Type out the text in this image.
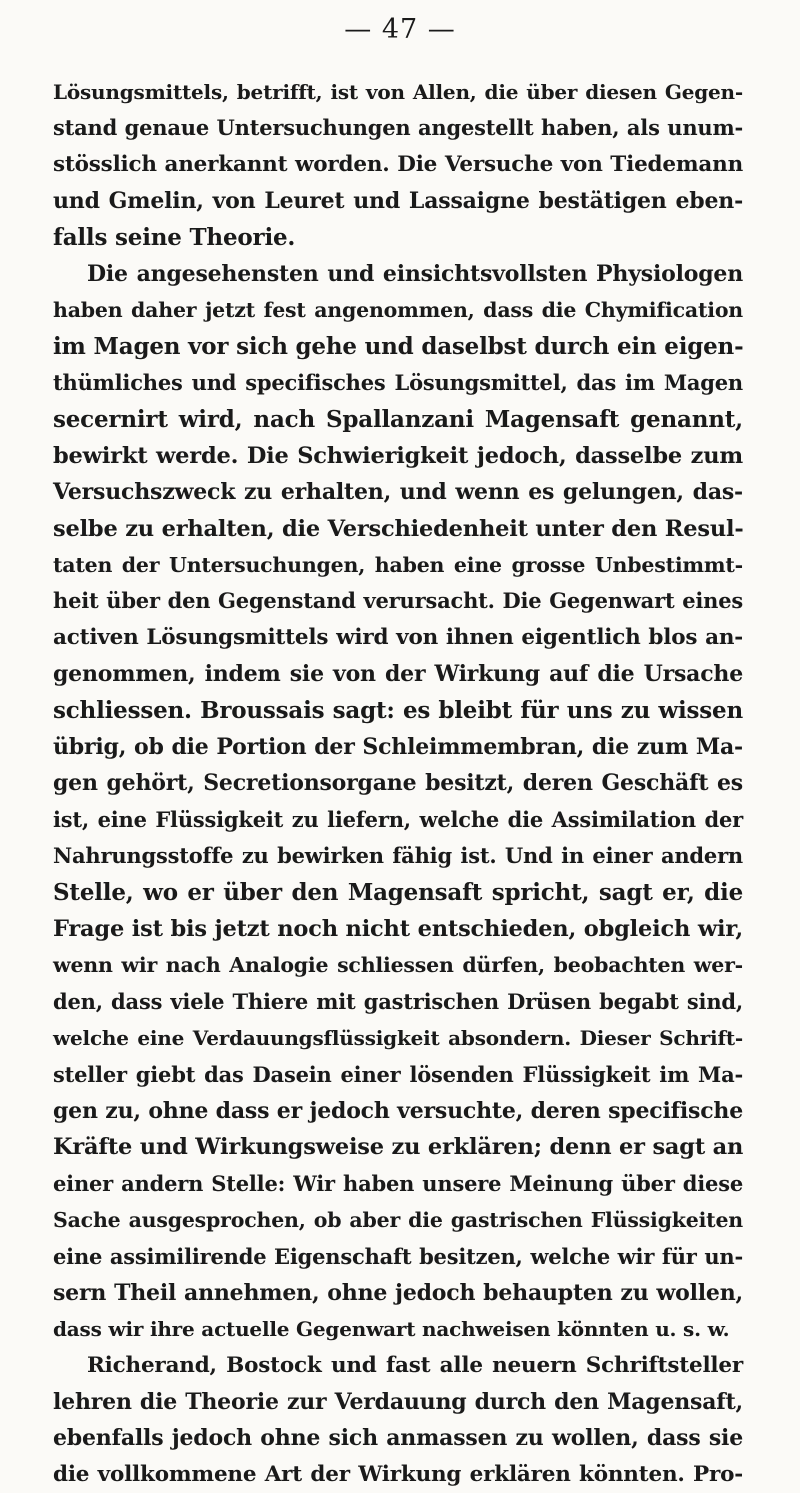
— 47 —
Lösungsmittels, betrifft, ist von Allen, die über diesen Gegen-
stand genaue Untersuchungen angestellt haben, als unum-
stösslich anerkannt worden. Die Versuche von Tiedemann
und Gmelin, von Leuret und Lassaigne bestätigen eben-
falls seine Theorie.
Die angesehensten und einsichtsvollsten Physiologen
haben daher jetzt fest angenommen, dass die Chymification
im Magen vor sich gehe und daselbst durch ein eigen-
thümliches und specifisches Lösungsmittel, das im Magen
secernirt wird, nach Spallanzani Magensaft genannt,
bewirkt werde. Die Schwierigkeit jedoch, dasselbe zum
Versuchszweck zu erhalten, und wenn es gelungen, das-
selbe zu erhalten, die Verschiedenheit unter den Resul-
taten der Untersuchungen, haben eine grosse Unbestimmt-
heit über den Gegenstand verursacht. Die Gegenwart eines
activen Lösungsmittels wird von ihnen eigentlich blos an-
genommen, indem sie von der Wirkung auf die Ursache
schliessen. Broussais sagt: es bleibt für uns zu wissen
übrig, ob die Portion der Schleimmembran, die zum Ma-
gen gehört, Secretionsorgane besitzt, deren Geschäft es
ist, eine Flüssigkeit zu liefern, welche die Assimilation der
Nahrungsstoffe zu bewirken fähig ist. Und in einer andern
Stelle, wo er über den Magensaft spricht, sagt er, die
Frage ist bis jetzt noch nicht entschieden, obgleich wir,
wenn wir nach Analogie schliessen dürfen, beobachten wer-
den, dass viele Thiere mit gastrischen Drüsen begabt sind,
welche eine Verdauungsflüssigkeit absondern. Dieser Schrift-
steller giebt das Dasein einer lösenden Flüssigkeit im Ma-
gen zu, ohne dass er jedoch versuchte, deren specifische
Kräfte und Wirkungsweise zu erklären; denn er sagt an
einer andern Stelle: Wir haben unsere Meinung über diese
Sache ausgesprochen, ob aber die gastrischen Flüssigkeiten
eine assimilirende Eigenschaft besitzen, welche wir für un-
sern Theil annehmen, ohne jedoch behaupten zu wollen,
dass wir ihre actuelle Gegenwart nachweisen könnten u. s. w.
Richerand, Bostock und fast alle neuern Schriftsteller
lehren die Theorie zur Verdauung durch den Magensaft,
ebenfalls jedoch ohne sich anmassen zu wollen, dass sie
die vollkommene Art der Wirkung erklären könnten. Pro-
